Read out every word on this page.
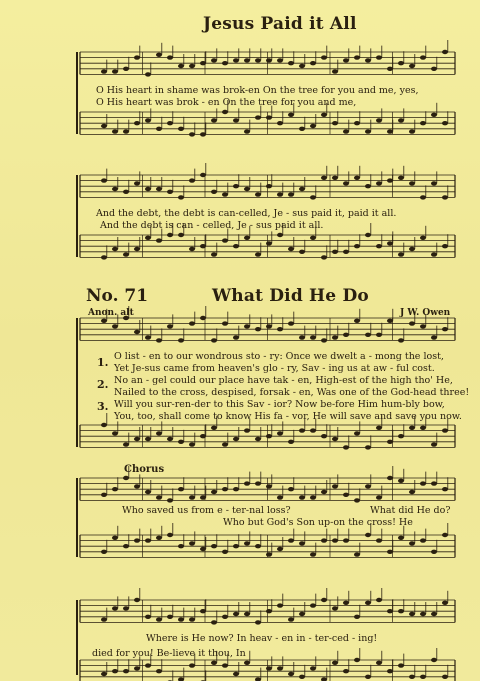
Jesus Paid it All
O His heart in shame was brok-en On the tree for you and me, yes,
O His heart was brok - en On the tree for you and me,
And the debt, the debt is can-celled, Je - sus paid it, paid it all.
And the debt is can - celled, Je - sus paid it all.
No. 71	What Did He Do
Anon. alt	J W. Owen
1.
2.
3.
O list - en to our wondrous sto - ry: Once we dwelt a - mong the lost,
Yet Je-sus came from heaven's glo - ry, Sav - ing us at aw - ful cost.
No an - gel could our place have tak - en, High-est of the high tho' He,
Nailed to the cross, despised, forsak - en, Was one of the God-head three!
Will you sur-ren-der to this Sav - ior? Now be-fore Him hum-bly bow,
You, too, shall come to know His fa - vor, He will save and save you now.
Chorus
Who saved us from e - ter-nal loss?	What did He do?
Who but God's Son up-on the cross! He
Where is He now? In heav - en in - ter-ced - ing!
died for you! Be-lieve it thou, In
